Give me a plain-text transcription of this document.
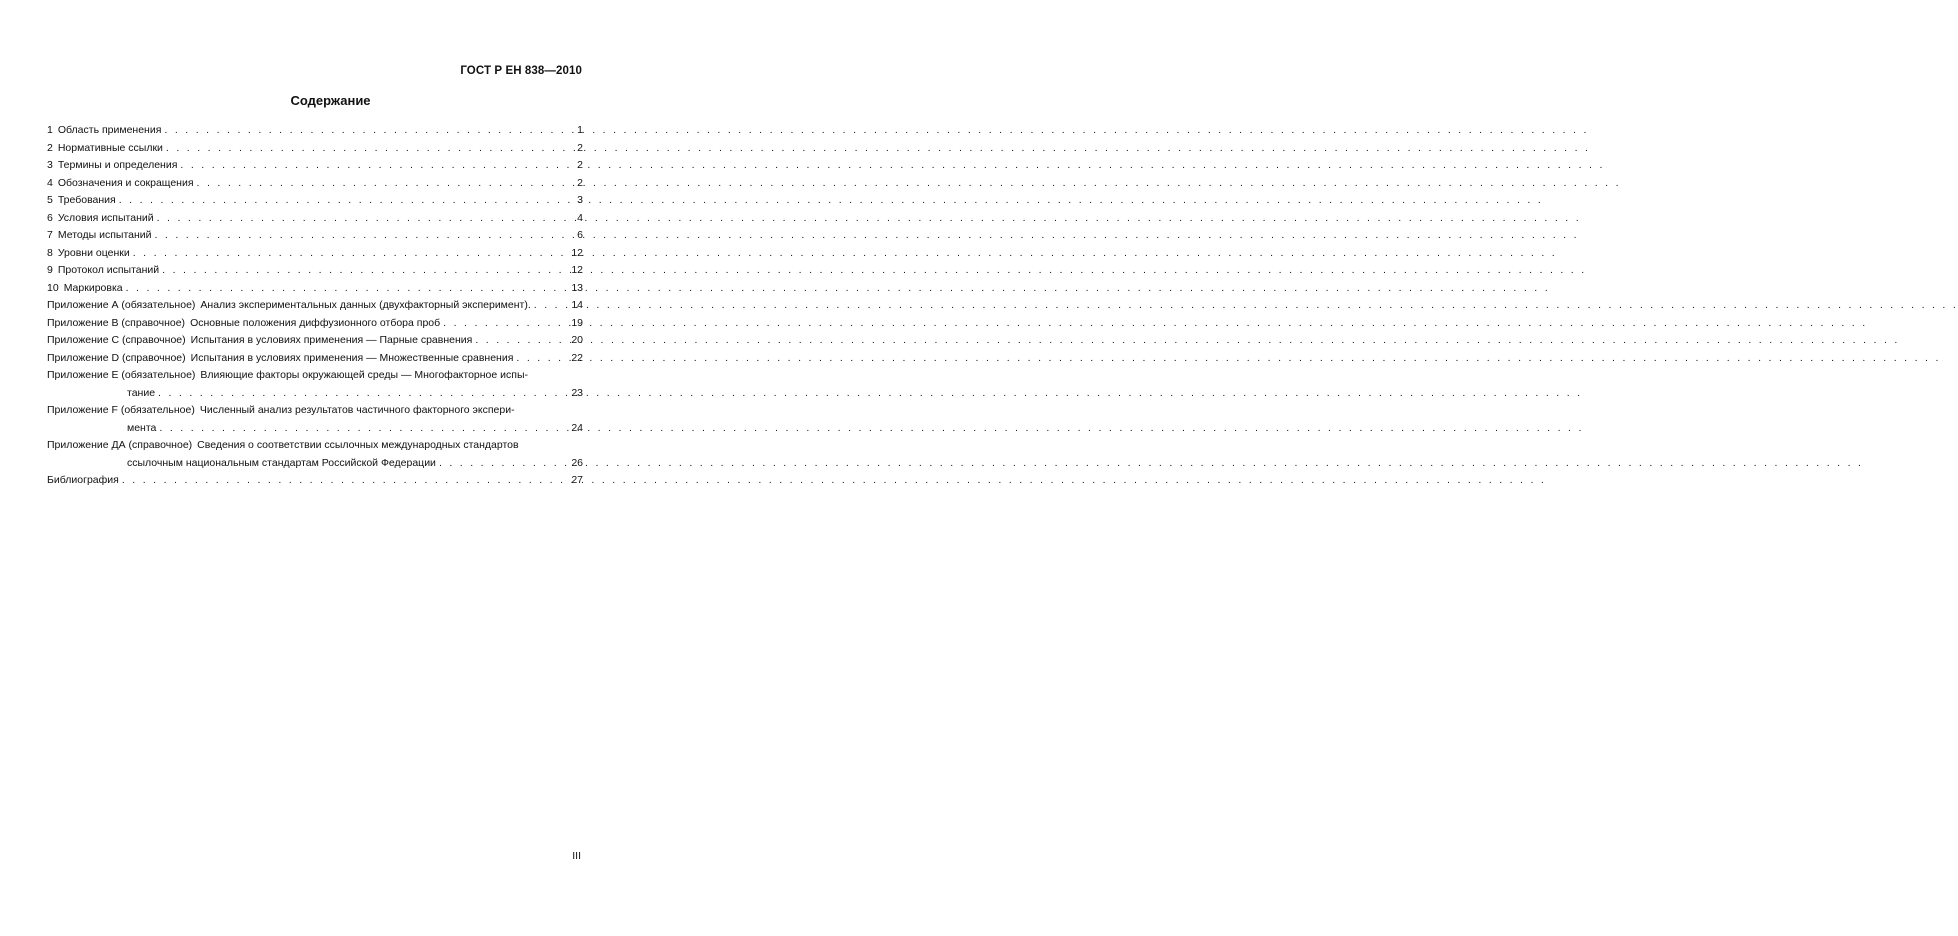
ГОСТ Р ЕН 838—2010
Содержание
1 Область применения . . .	1
2 Нормативные ссылки . . .	2
3 Термины и определения . . .	2
4 Обозначения и сокращения . . .	2
5 Требования . . .	3
6 Условия испытаний . . .	4
7 Методы испытаний . . .	6
8 Уровни оценки . . .	12
9 Протокол испытаний . . .	12
10 Маркировка . . .	13
Приложение А (обязательное) Анализ экспериментальных данных (двухфакторный эксперимент). . . .	14
Приложение В (справочное) Основные положения диффузионного отбора проб . . .	19
Приложение С (справочное) Испытания в условиях применения — Парные сравнения . . .	20
Приложение D (справочное) Испытания в условиях применения — Множественные сравнения . . .	22
Приложение Е (обязательное) Влияющие факторы окружающей среды — Многофакторное испы-
тание . . .	23
Приложение F (обязательное) Численный анализ результатов частичного факторного экспери-
мента . . .	24
Приложение ДА (справочное) Сведения о соответствии ссылочных международных стандартов
ссылочным национальным стандартам Российской Федерации . . .	26
Библиография . . .	27
III
